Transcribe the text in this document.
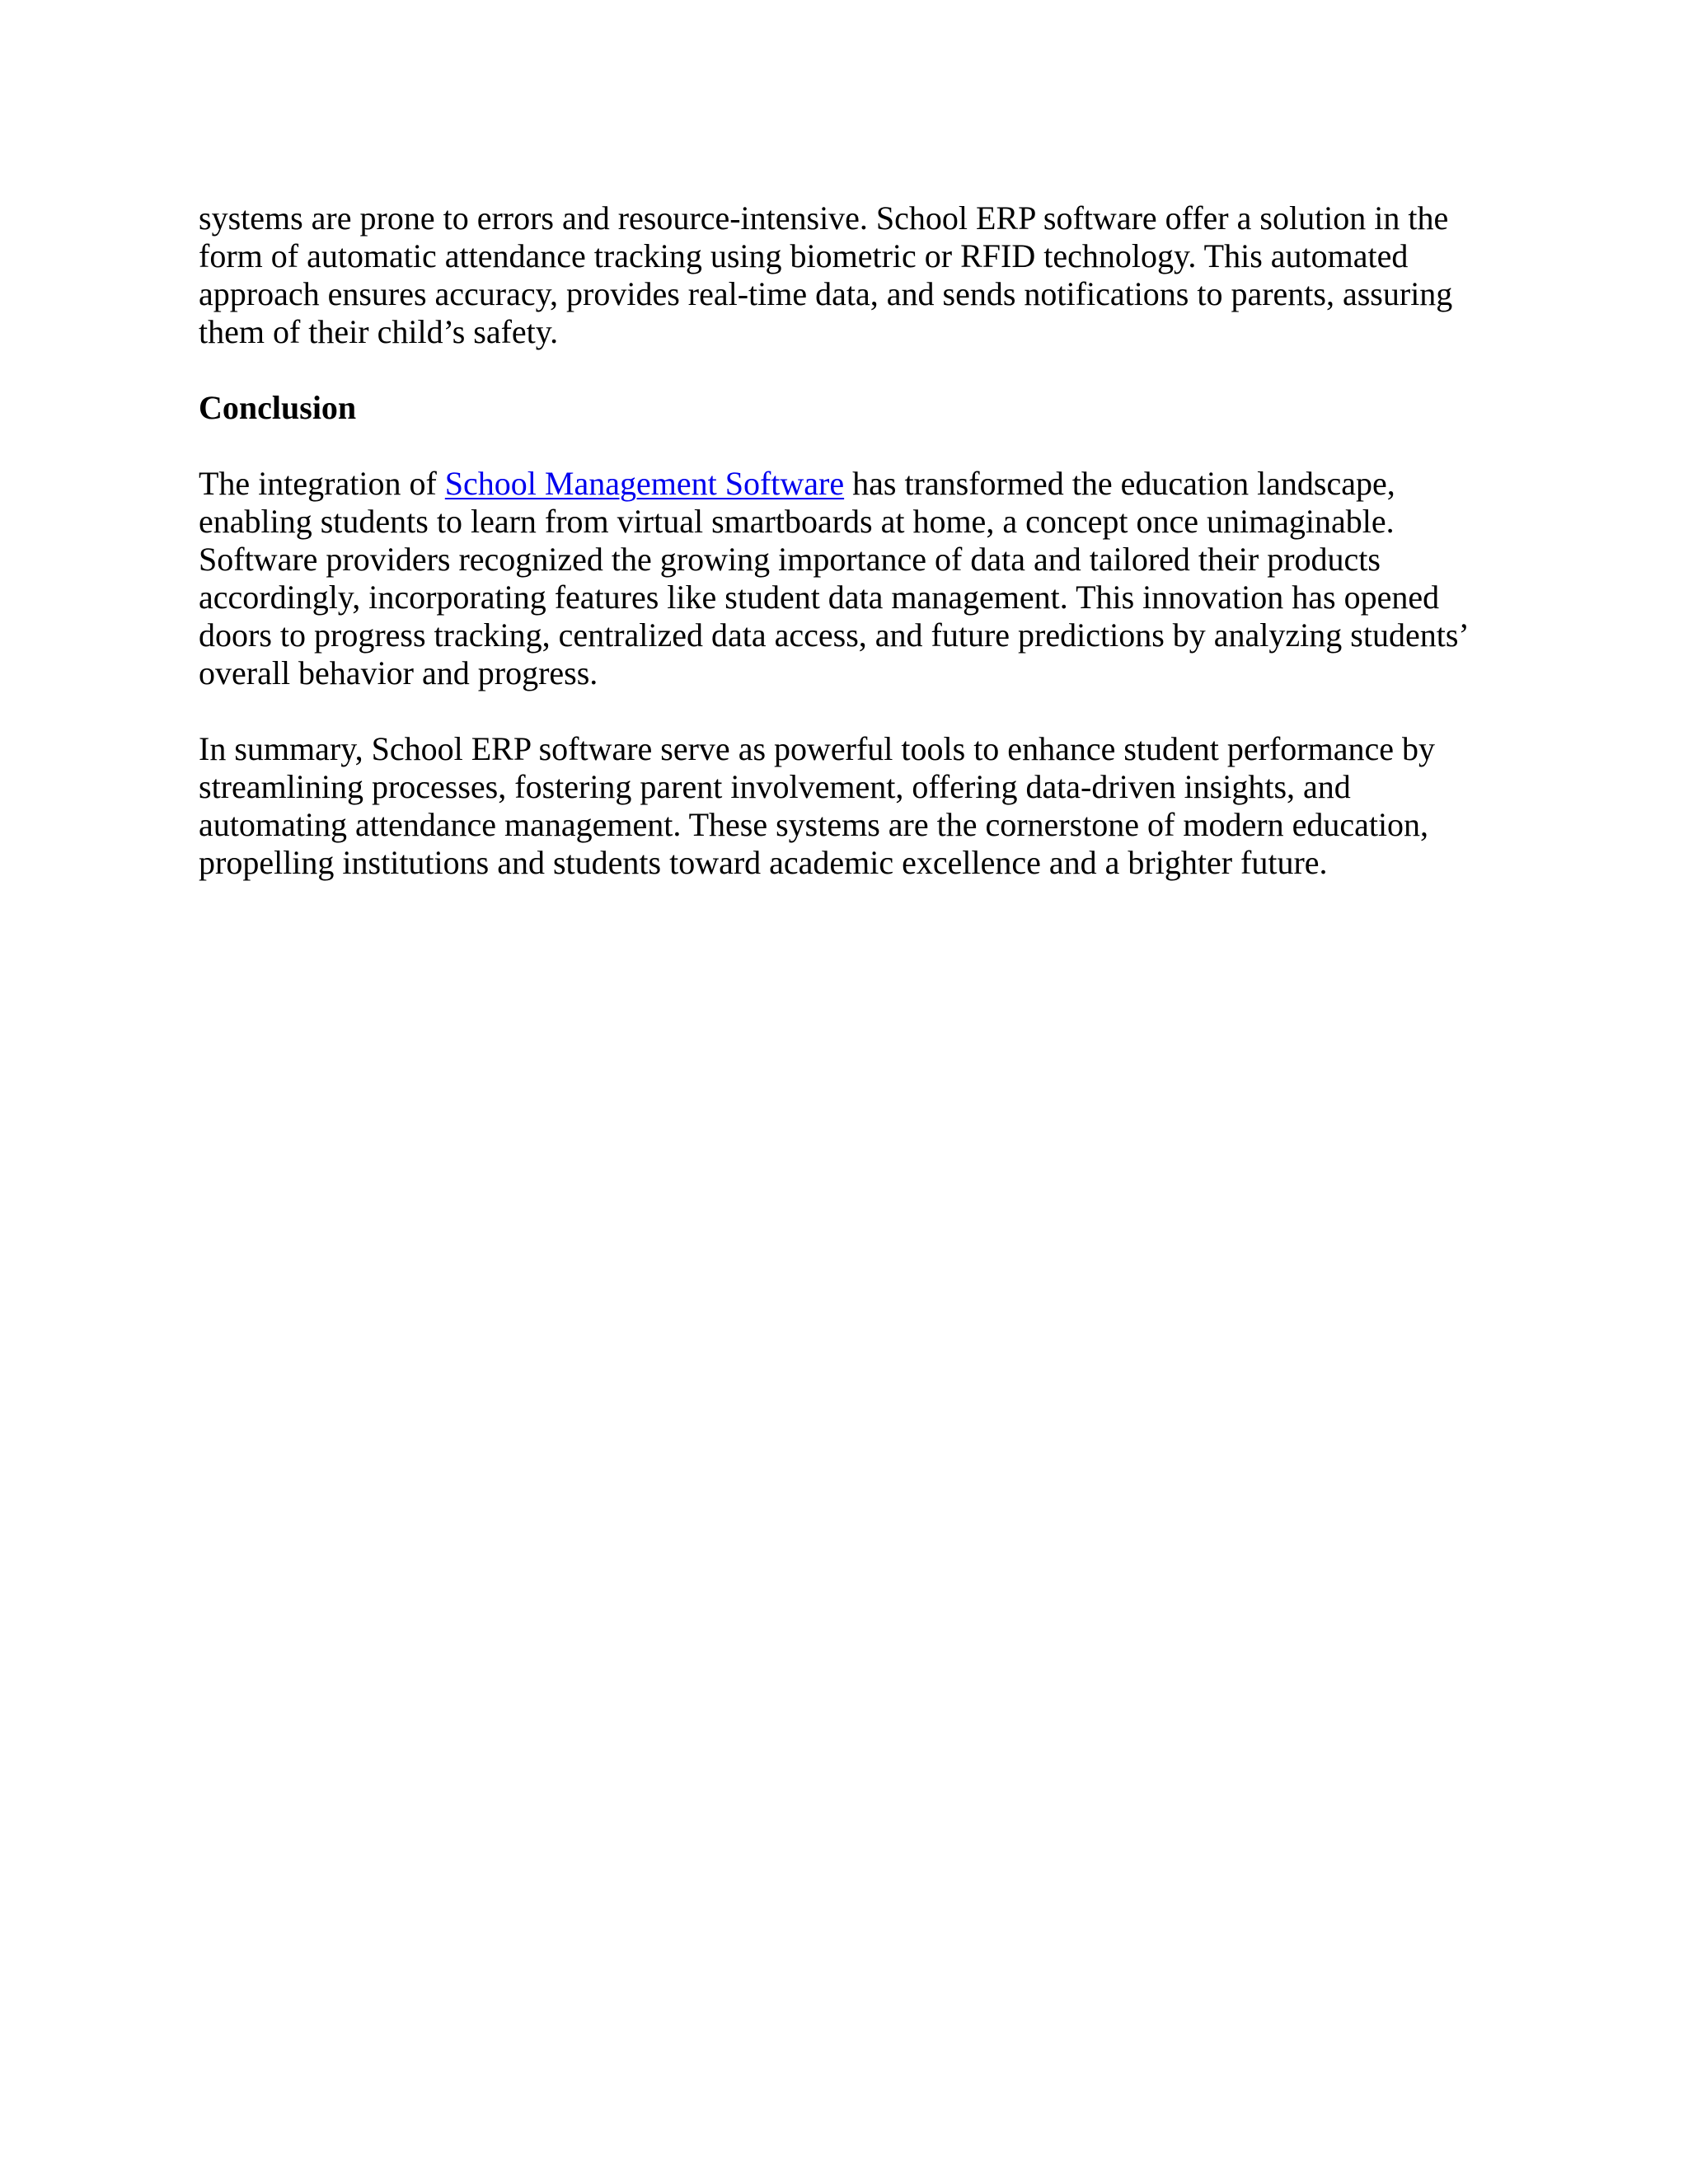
systems are prone to errors and resource-intensive. School ERP software offer a solution in the
form of automatic attendance tracking using biometric or RFID technology. This automated
approach ensures accuracy, provides real-time data, and sends notifications to parents, assuring
them of their child’s safety.

Conclusion

The integration of School Management Software has transformed the education landscape,
enabling students to learn from virtual smartboards at home, a concept once unimaginable.
Software providers recognized the growing importance of data and tailored their products
accordingly, incorporating features like student data management. This innovation has opened
doors to progress tracking, centralized data access, and future predictions by analyzing students’
overall behavior and progress.

In summary, School ERP software serve as powerful tools to enhance student performance by
streamlining processes, fostering parent involvement, offering data-driven insights, and
automating attendance management. These systems are the cornerstone of modern education,
propelling institutions and students toward academic excellence and a brighter future.
